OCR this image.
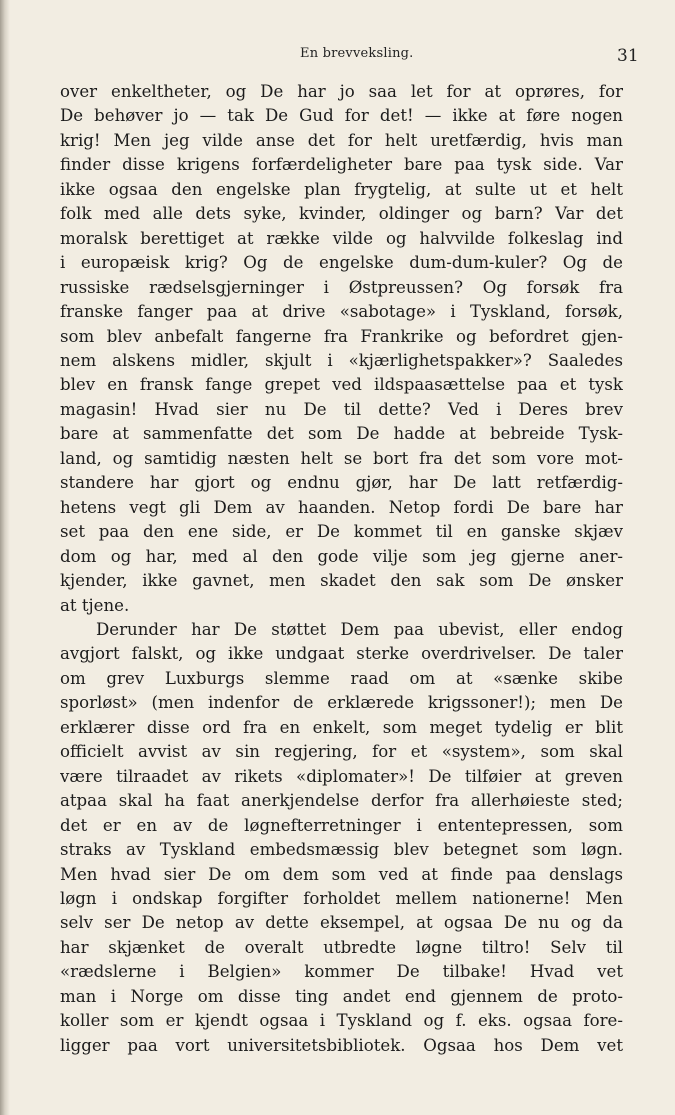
En brevveksling.	31
over enkeltheter, og De har jo saa let for at oprøres, for
De behøver jo — tak De Gud for det! — ikke at føre nogen
krig! Men jeg vilde anse det for helt uretfærdig, hvis man
finder disse krigens forfærdeligheter bare paa tysk side. Var
ikke ogsaa den engelske plan frygtelig, at sulte ut et helt
folk med alle dets syke, kvinder, oldinger og barn? Var det
moralsk berettiget at række vilde og halvvilde folkeslag ind
i europæisk krig? Og de engelske dum-dum-kuler? Og de
russiske rædselsgjerninger i Østpreussen? Og forsøk fra
franske fanger paa at drive «sabotage» i Tyskland, forsøk,
som blev anbefalt fangerne fra Frankrike og befordret gjen-
nem alskens midler, skjult i «kjærlighetspakker»? Saaledes
blev en fransk fange grepet ved ildspaasættelse paa et tysk
magasin! Hvad sier nu De til dette? Ved i Deres brev
bare at sammenfatte det som De hadde at bebreide Tysk-
land, og samtidig næsten helt se bort fra det som vore mot-
standere har gjort og endnu gjør, har De latt retfærdig-
hetens vegt gli Dem av haanden. Netop fordi De bare har
set paa den ene side, er De kommet til en ganske skjæv
dom og har, med al den gode vilje som jeg gjerne aner-
kjender, ikke gavnet, men skadet den sak som De ønsker
at tjene.
Derunder har De støttet Dem paa ubevist, eller endog
avgjort falskt, og ikke undgaat sterke overdrivelser. De taler
om grev Luxburgs slemme raad om at «sænke skibe
sporløst» (men indenfor de erklærede krigssoner!); men De
erklærer disse ord fra en enkelt, som meget tydelig er blit
officielt avvist av sin regjering, for et «system», som skal
være tilraadet av rikets «diplomater»! De tilføier at greven
atpaa skal ha faat anerkjendelse derfor fra allerhøieste sted;
det er en av de løgnefterretninger i ententepressen, som
straks av Tyskland embedsmæssig blev betegnet som løgn.
Men hvad sier De om dem som ved at finde paa denslags
løgn i ondskap forgifter forholdet mellem nationerne! Men
selv ser De netop av dette eksempel, at ogsaa De nu og da
har skjænket de overalt utbredte løgne tiltro! Selv til
«rædslerne i Belgien» kommer De tilbake! Hvad vet
man i Norge om disse ting andet end gjennem de proto-
koller som er kjendt ogsaa i Tyskland og f. eks. ogsaa fore-
ligger paa vort universitetsbibliotek. Ogsaa hos Dem vet
